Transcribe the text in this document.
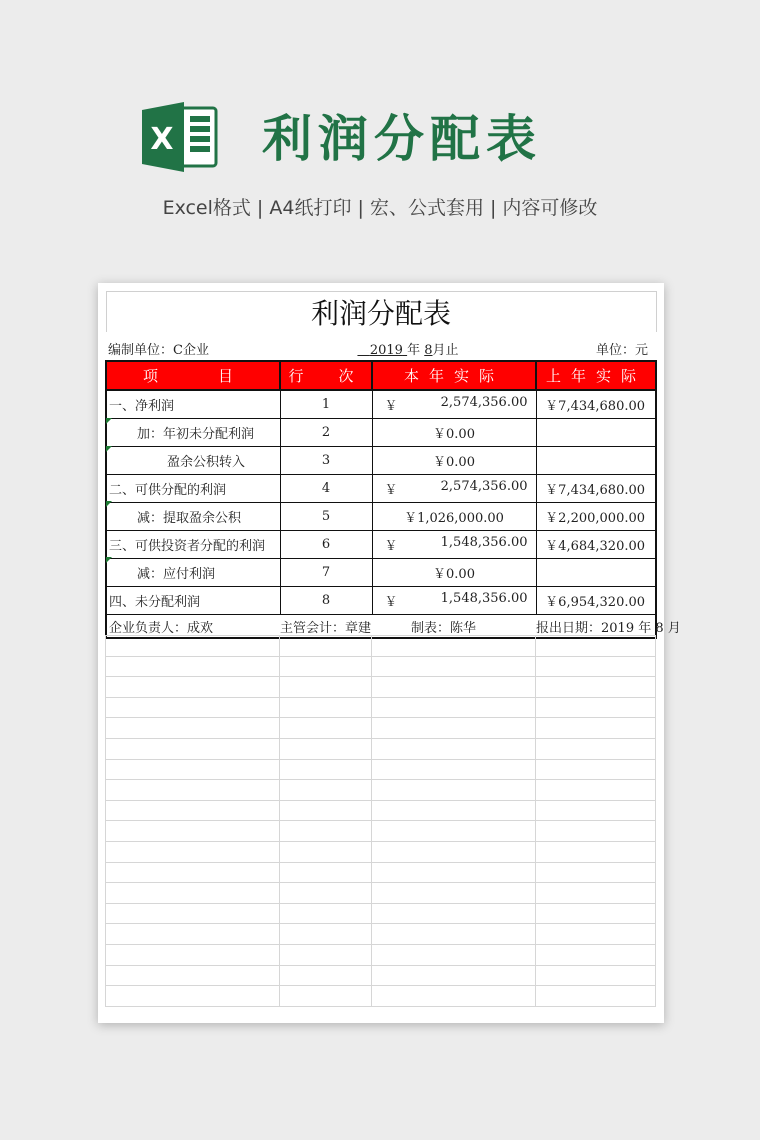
X 利润分配表
Excel格式 | A4纸打印 | 宏、公式套用 | 内容可修改
利润分配表			
编制单位：C企业	2019 年 8月止		单位：元
项　　目	行　次	本年实际	上年实际
一、净利润	1	￥ 2,574,356.00	￥7,434,680.00
加：年初未分配利润	2	￥0.00	
盈余公积转入	3	￥0.00	
二、可供分配的利润	4	￥ 2,574,356.00	￥7,434,680.00
减：提取盈余公积	5	￥1,026,000.00	￥2,200,000.00
三、可供投资者分配的利润	6	￥ 1,548,356.00	￥4,684,320.00
减：应付利润	7	￥0.00	
四、未分配利润	8	￥ 1,548,356.00	￥6,954,320.00
企业负责人：成欢	主管会计：章建 制表：陈华		报出日期：2019 年 8 月
